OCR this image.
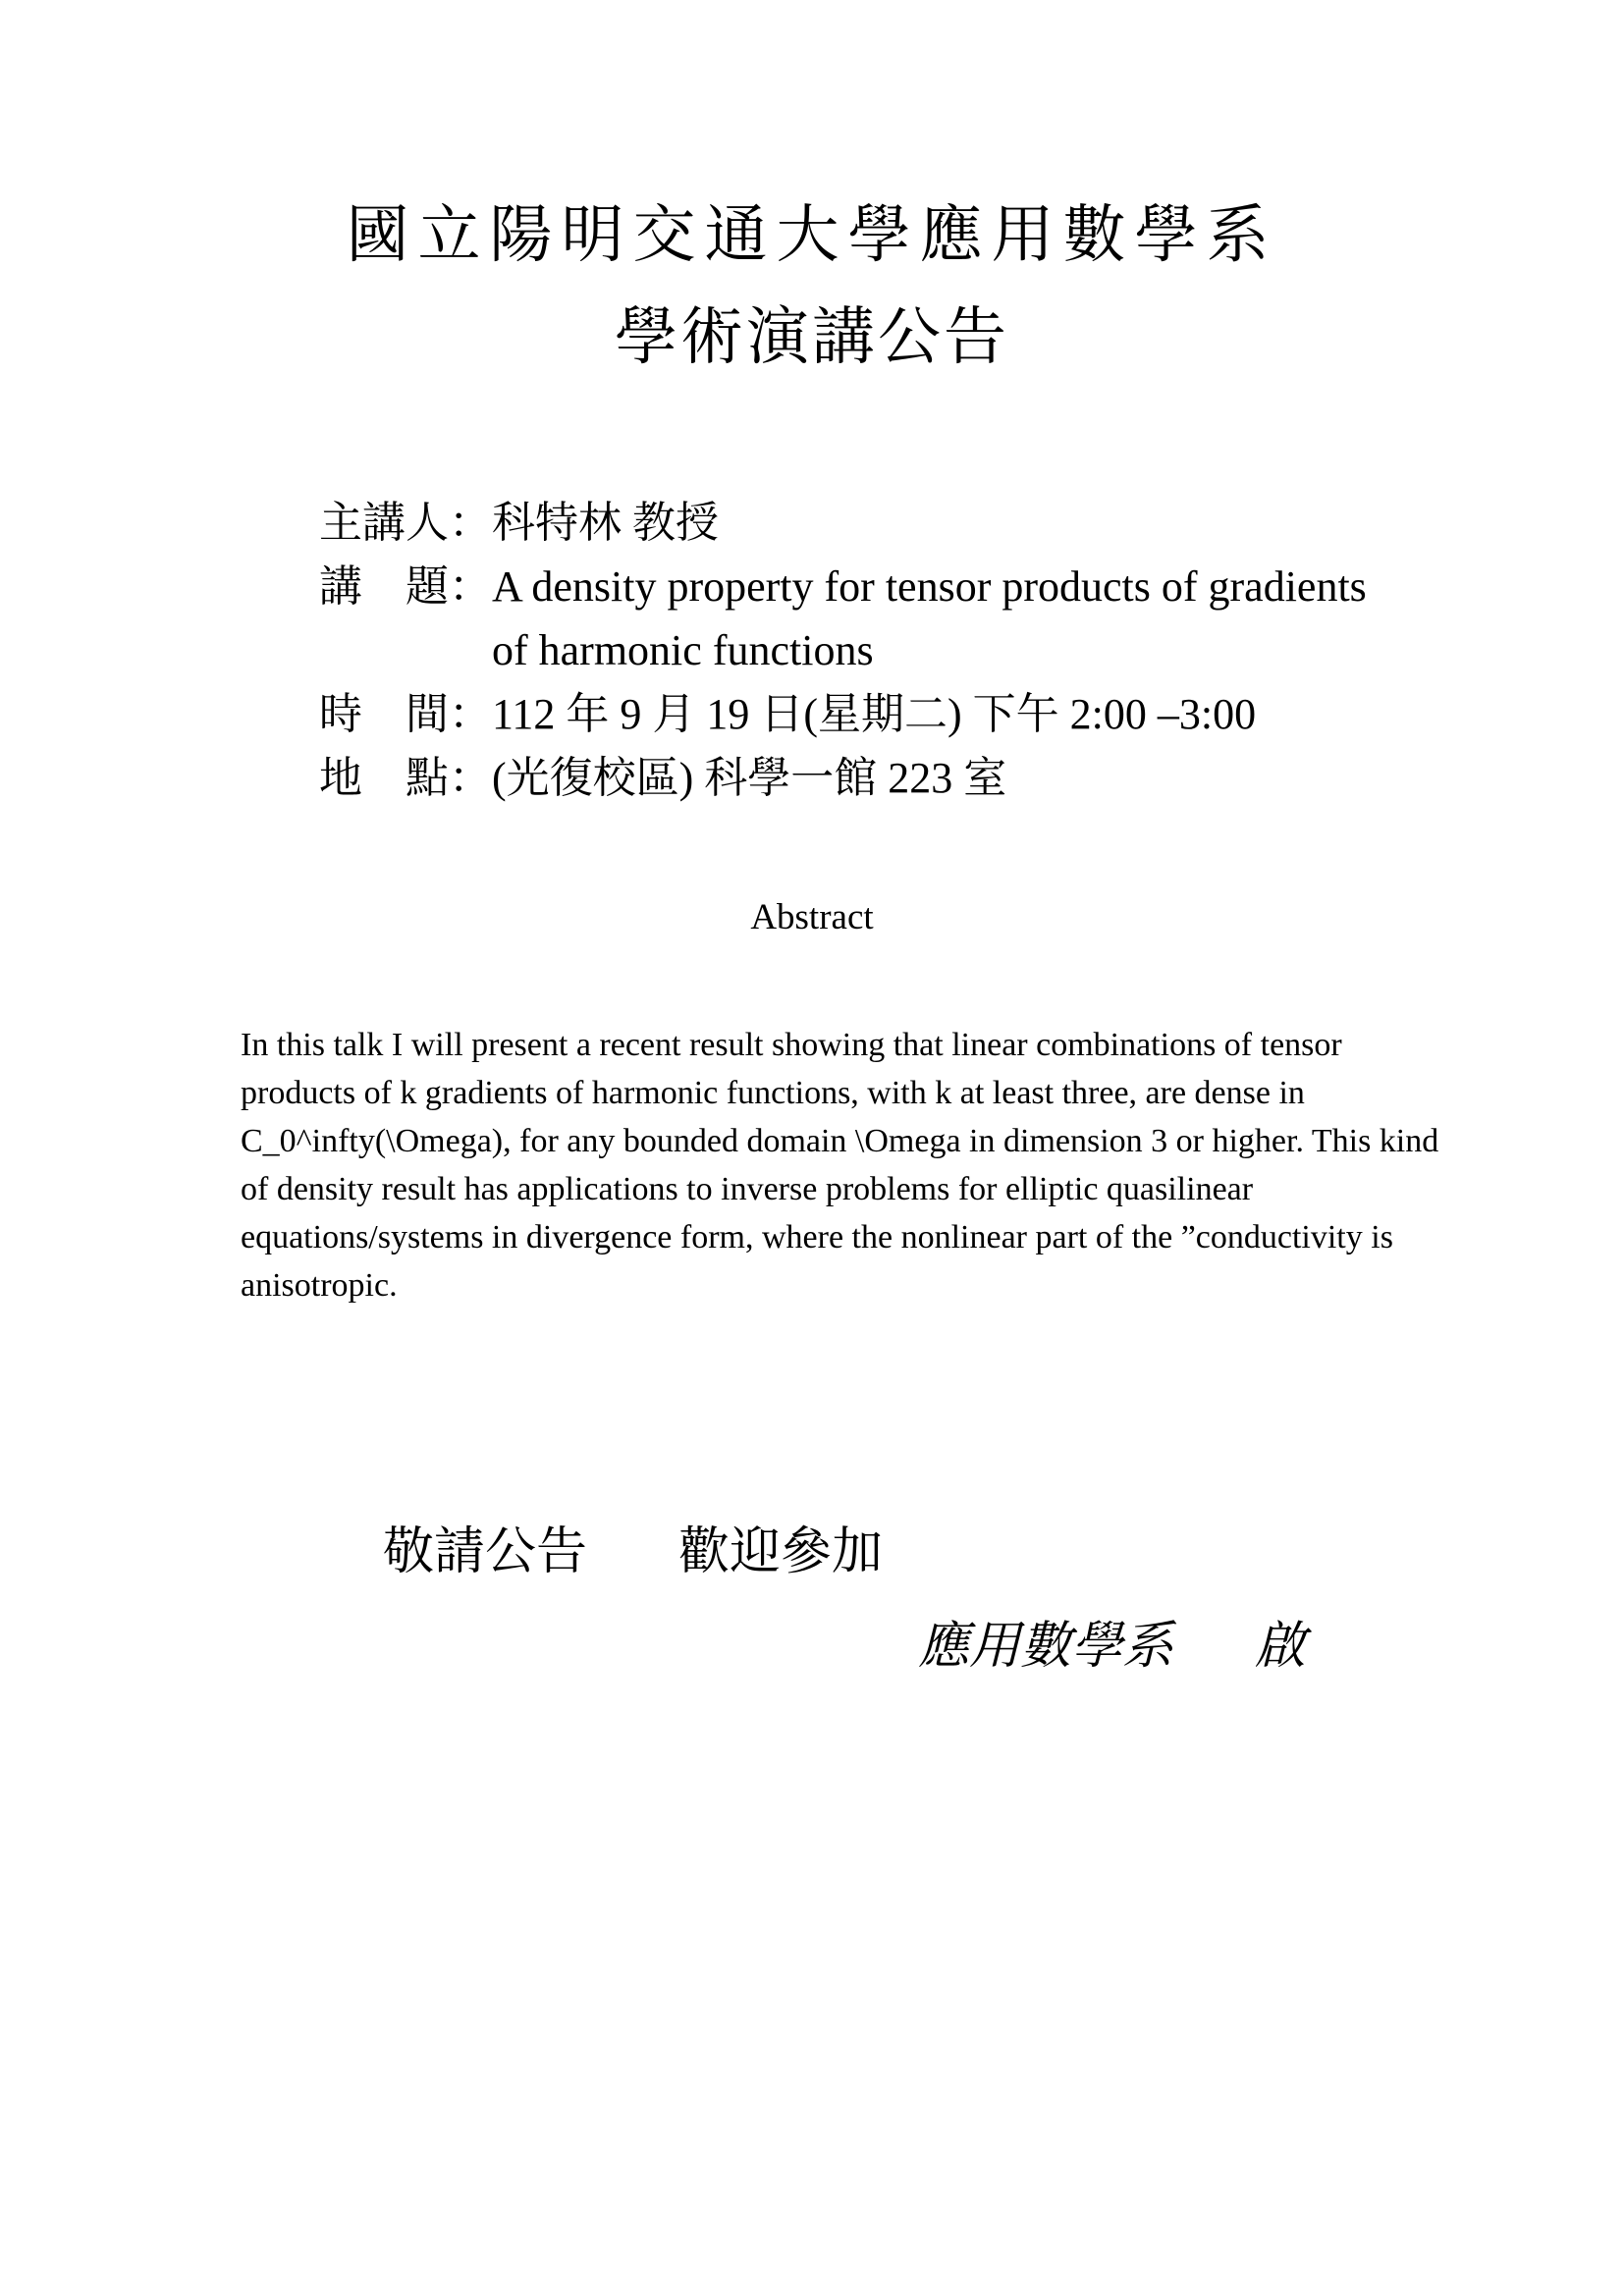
國立陽明交通大學應用數學系
學術演講公告
主講人 ： 科特林 教授
講　題 ： A density property for tensor products of gradients
of harmonic functions
時　間 ： 112 年 9 月 19 日(星期二) 下午 2:00 –3:00
地　點 ： (光復校區) 科學一館 223 室
Abstract
In this talk I will present a recent result showing that linear combinations of tensor
products of k gradients of harmonic functions, with k at least three, are dense in
C_0^infty(\Omega), for any bounded domain \Omega in dimension 3 or higher. This kind
of density result has applications to inverse problems for elliptic quasilinear
equations/systems in divergence form, where the nonlinear part of the ”conductivity is
anisotropic.
敬請公告 歡迎參加
應用數學系 啟
